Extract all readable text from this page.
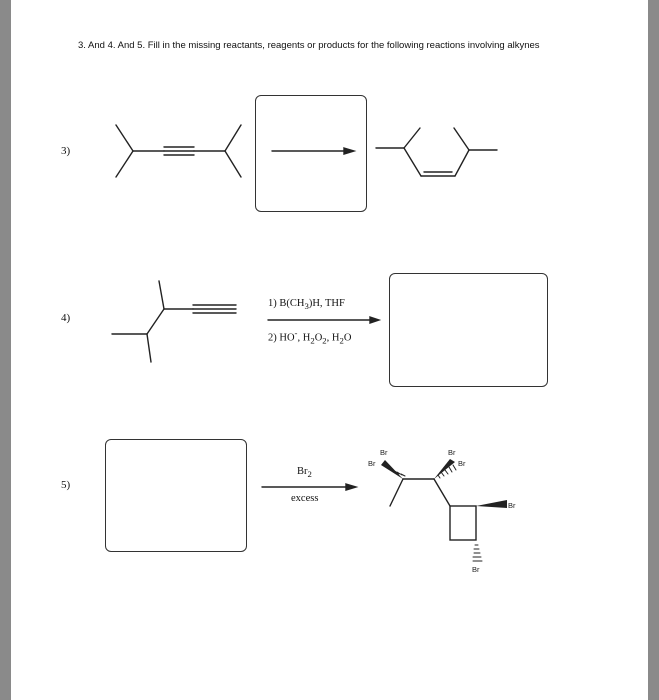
3. And 4. And 5. Fill in the missing reactants, reagents or products for the following reactions involving alkynes
3)
4)
1) $B(CH_3)H$, THF
2) HO-, $H_2O_2$, $H_2O$
5)
$Br_2$
excess
Br
Br
Br
Br
Br
Br
